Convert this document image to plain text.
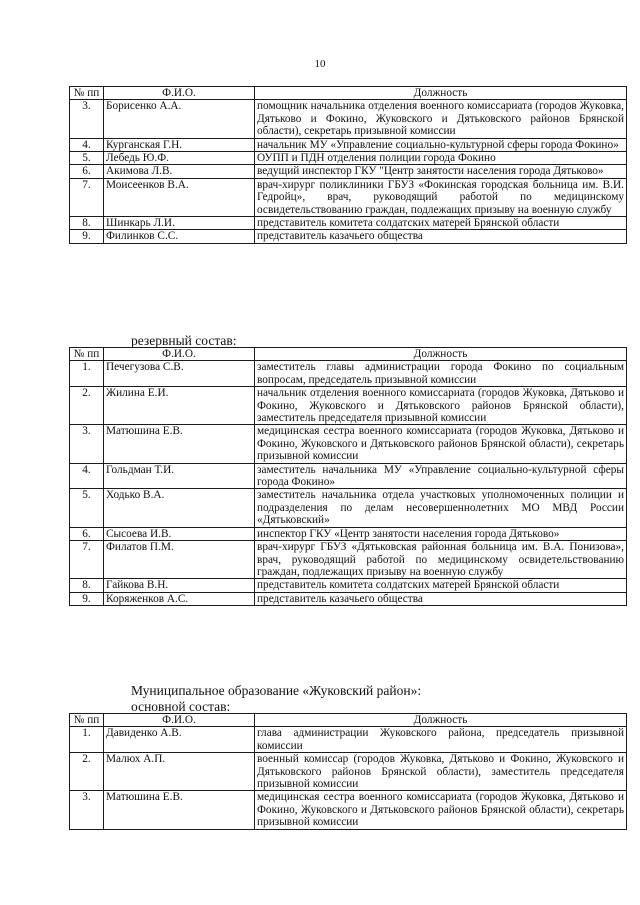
10
№ пп	Ф.И.О.	Должность
3.	Борисенко А.А.	помощник начальника отделения военного комиссариата (городов Жуковка, Дятьково и Фокино, Жуковского и Дятьковского районов Брянской области), секретарь призывной комиссии
4.	Курганская Г.Н.	начальник МУ «Управление социально-культурной сферы города Фокино»
5.	Лебедь Ю.Ф.	ОУПП и ПДН отделения полиции города Фокино
6.	Акимова Л.В.	ведущий инспектор ГКУ "Центр занятости населения города Дятьково»
7.	Моисеенков В.А.	врач-хирург поликлиники ГБУЗ «Фокинская городская больница им. В.И. Гедройц», врач, руководящий работой по медицинскому освидетельствованию граждан, подлежащих призыву на военную службу
8.	Шинкарь Л.И.	представитель комитета солдатских матерей Брянской области
9.	Филинков С.С.	представитель казачьего общества
резервный состав:
№ пп	Ф.И.О.	Должность
1.	Печегузова С.В.	заместитель главы администрации города Фокино по социальным вопросам, председатель призывной комиссии
2.	Жилина Е.И.	начальник отделения военного комиссариата (городов Жуковка, Дятьково и Фокино, Жуковского и Дятьковского районов Брянской области), заместитель председателя призывной комиссии
3.	Матюшина Е.В.	медицинская сестра военного комиссариата (городов Жуковка, Дятьково и Фокино, Жуковского и Дятьковского районов Брянской области), секретарь призывной комиссии
4.	Гольдман Т.И.	заместитель начальника МУ «Управление социально-культурной сферы города Фокино»
5.	Ходько В.А.	заместитель начальника отдела участковых уполномоченных полиции и подразделения по делам несовершеннолетних МО МВД России «Дятьковский»
6.	Сысоева И.В.	инспектор ГКУ «Центр занятости населения города Дятьково»
7.	Филатов П.М.	врач-хирург ГБУЗ «Дятьковская районная больница им. В.А. Понизова», врач, руководящий работой по медицинскому освидетельствованию граждан, подлежащих призыву на военную службу
8.	Гайкова В.Н.	представитель комитета солдатских матерей Брянской области
9.	Коряженков А.С.	представитель казачьего общества
Муниципальное образование «Жуковский район»:
основной состав:
№ пп	Ф.И.О.	Должность
1.	Давиденко А.В.	глава администрации Жуковского района, председатель призывной комиссии
2.	Малюх А.П.	военный комиссар (городов Жуковка, Дятьково и Фокино, Жуковского и Дятьковского районов Брянской области), заместитель председателя призывной комиссии
3.	Матюшина Е.В.	медицинская сестра военного комиссариата (городов Жуковка, Дятьково и Фокино, Жуковского и Дятьковского районов Брянской области), секретарь призывной комиссии
